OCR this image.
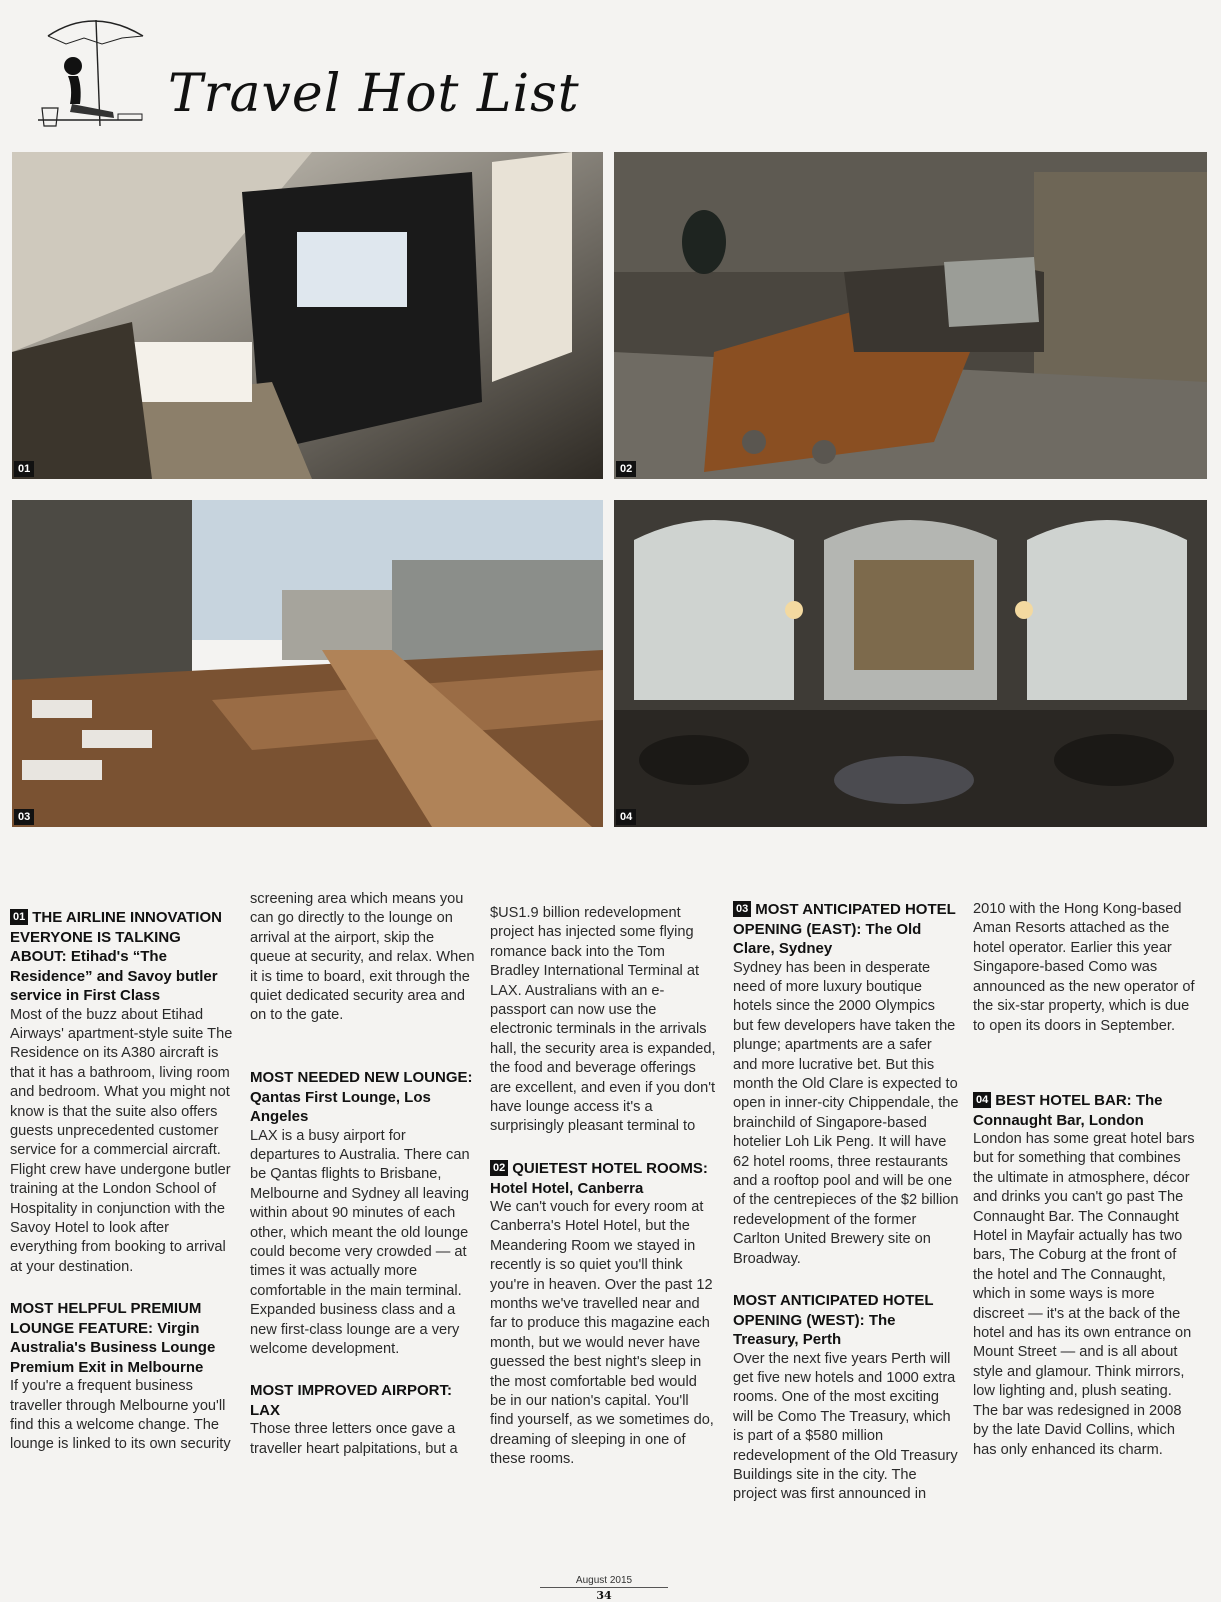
Travel Hot List
01	02
03	04

01 THE AIRLINE INNOVATION EVERYONE IS TALKING ABOUT: Etihad's “The Residence” and Savoy butler service in First Class

Most of the buzz about Etihad Airways' apartment-style suite The Residence on its A380 aircraft is that it has a bathroom, living room and bedroom. What you might not know is that the suite also offers guests unprecedented customer service for a commercial aircraft. Flight crew have undergone butler training at the London School of Hospitality in conjunction with the Savoy Hotel to look after everything from booking to arrival at your destination.

MOST HELPFUL PREMIUM LOUNGE FEATURE: Virgin Australia's Business Lounge Premium Exit in Melbourne

If you're a frequent business traveller through Melbourne you'll find this a welcome change. The lounge is linked to its own security

screening area which means you can go directly to the lounge on arrival at the airport, skip the queue at security, and relax. When it is time to board, exit through the quiet dedicated security area and on to the gate.

MOST NEEDED NEW LOUNGE: Qantas First Lounge, Los Angeles

LAX is a busy airport for departures to Australia. There can be Qantas flights to Brisbane, Melbourne and Sydney all leaving within about 90 minutes of each other, which meant the old lounge could become very crowded — at times it was actually more comfortable in the main terminal. Expanded business class and a new first-class lounge are a very welcome development.

MOST IMPROVED AIRPORT: LAX

Those three letters once gave a traveller heart palpitations, but a

$US1.9 billion redevelopment project has injected some flying romance back into the Tom Bradley International Terminal at LAX. Australians with an e-passport can now use the electronic terminals in the arrivals hall, the security area is expanded, the food and beverage offerings are excellent, and even if you don't have lounge access it's a surprisingly pleasant terminal to

02 QUIETEST HOTEL ROOMS: Hotel Hotel, Canberra

We can't vouch for every room at Canberra's Hotel Hotel, but the Meandering Room we stayed in recently is so quiet you'll think you're in heaven. Over the past 12 months we've travelled near and far to produce this magazine each month, but we would never have guessed the best night's sleep in the most comfortable bed would be in our nation's capital. You'll find yourself, as we sometimes do, dreaming of sleeping in one of these rooms.

03 MOST ANTICIPATED HOTEL OPENING (EAST): The Old Clare, Sydney

Sydney has been in desperate need of more luxury boutique hotels since the 2000 Olympics but few developers have taken the plunge; apartments are a safer and more lucrative bet. But this month the Old Clare is expected to open in inner-city Chippendale, the brainchild of Singapore-based hotelier Loh Lik Peng. It will have 62 hotel rooms, three restaurants and a rooftop pool and will be one of the centrepieces of the $2 billion redevelopment of the former Carlton United Brewery site on Broadway.

MOST ANTICIPATED HOTEL OPENING (WEST): The Treasury, Perth

Over the next five years Perth will get five new hotels and 1000 extra rooms. One of the most exciting will be Como The Treasury, which is part of a $580 million redevelopment of the Old Treasury Buildings site in the city. The project was first announced in

2010 with the Hong Kong-based Aman Resorts attached as the hotel operator. Earlier this year Singapore-based Como was announced as the new operator of the six-star property, which is due to open its doors in September.

04 BEST HOTEL BAR: The Connaught Bar, London

London has some great hotel bars but for something that combines the ultimate in atmosphere, décor and drinks you can't go past The Connaught Bar. The Connaught Hotel in Mayfair actually has two bars, The Coburg at the front of the hotel and The Connaught, which in some ways is more discreet — it's at the back of the hotel and has its own entrance on Mount Street — and is all about style and glamour. Think mirrors, low lighting and, plush seating. The bar was redesigned in 2008 by the late David Collins, which has only enhanced its charm.

August 2015
34
